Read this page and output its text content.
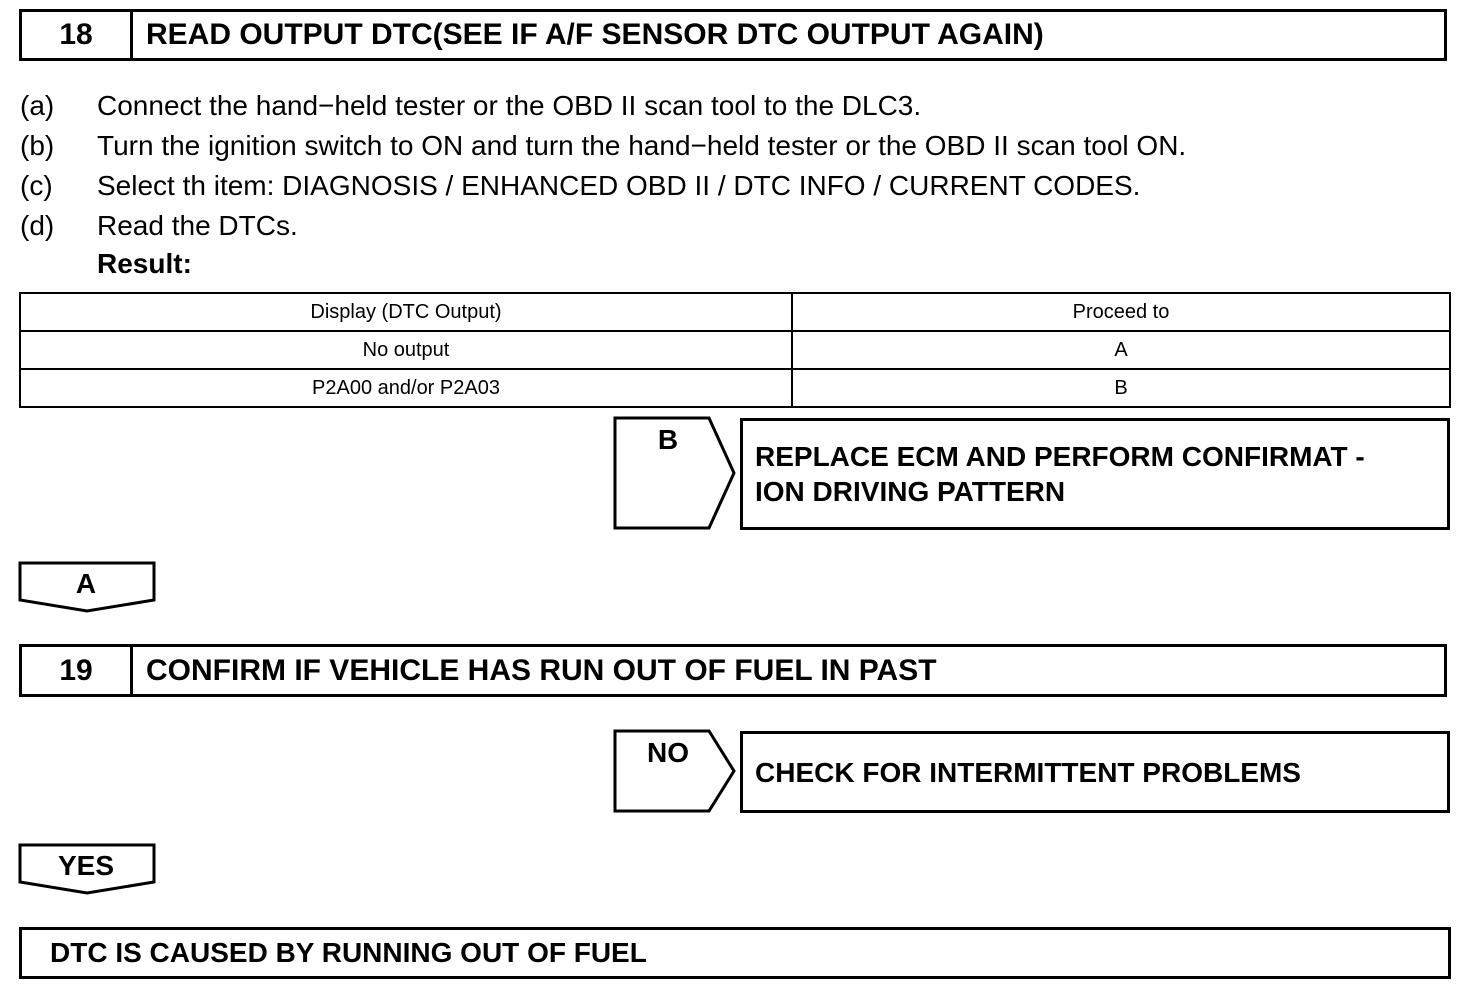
18	READ OUTPUT DTC(SEE IF A/F SENSOR DTC OUTPUT AGAIN)
(a)	Connect the hand−held tester or the OBD II scan tool to the DLC3.
(b)	Turn the ignition switch to ON and turn the hand−held tester or the OBD II scan tool ON.
(c)	Select th item: DIAGNOSIS / ENHANCED OBD II / DTC INFO / CURRENT CODES.
(d)	Read the DTCs.
Result:
Display (DTC Output)	Proceed to
No output	A
P2A00 and/or P2A03	B
B
REPLACE ECM AND PERFORM CONFIRMAT -
ION DRIVING PATTERN
A
19	CONFIRM IF VEHICLE HAS RUN OUT OF FUEL IN PAST
NO
CHECK FOR INTERMITTENT PROBLEMS
YES
DTC IS CAUSED BY RUNNING OUT OF FUEL
